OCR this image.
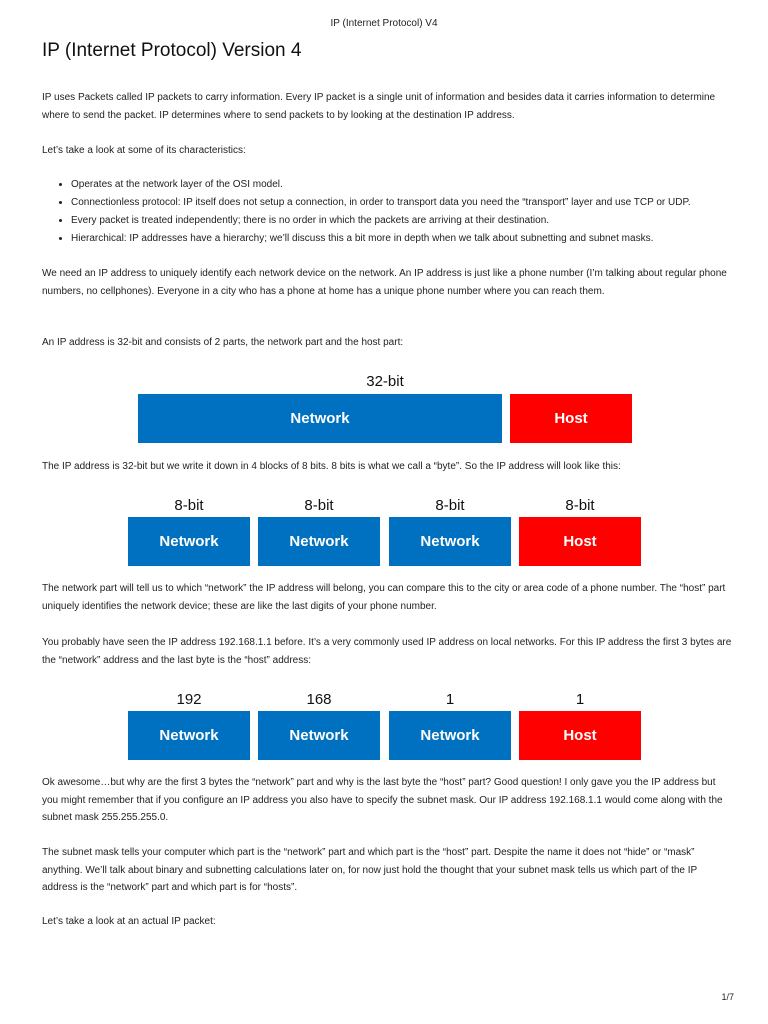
IP (Internet Protocol) V4
IP (Internet Protocol) Version 4

IP uses Packets called IP packets to carry information. Every IP packet is a single unit of information and besides data it carries information to determine where to send the packet. IP determines where to send packets to by looking at the destination IP address.

Let’s take a look at some of its characteristics:

• Operates at the network layer of the OSI model.
• Connectionless protocol: IP itself does not setup a connection, in order to transport data you need the “transport” layer and use TCP or UDP.
• Every packet is treated independently; there is no order in which the packets are arriving at their destination.
• Hierarchical: IP addresses have a hierarchy; we’ll discuss this a bit more in depth when we talk about subnetting and subnet masks.

We need an IP address to uniquely identify each network device on the network. An IP address is just like a phone number (I’m talking about regular phone numbers, no cellphones). Everyone in a city who has a phone at home has a unique phone number where you can reach them.

An IP address is 32-bit and consists of 2 parts, the network part and the host part:

32-bit
Network	Host

The IP address is 32-bit but we write it down in 4 blocks of 8 bits. 8 bits is what we call a “byte”. So the IP address will look like this:

8-bit	8-bit	8-bit	8-bit
Network	Network	Network	Host

The network part will tell us to which “network” the IP address will belong, you can compare this to the city or area code of a phone number. The “host” part uniquely identifies the network device; these are like the last digits of your phone number.

You probably have seen the IP address 192.168.1.1 before. It’s a very commonly used IP address on local networks. For this IP address the first 3 bytes are the “network” address and the last byte is the “host” address:

192	168	1	1
Network	Network	Network	Host

Ok awesome…but why are the first 3 bytes the “network” part and why is the last byte the “host” part? Good question! I only gave you the IP address but you might remember that if you configure an IP address you also have to specify the subnet mask. Our IP address 192.168.1.1 would come along with the subnet mask 255.255.255.0.

The subnet mask tells your computer which part is the “network” part and which part is the “host” part. Despite the name it does not “hide” or “mask” anything. We’ll talk about binary and subnetting calculations later on, for now just hold the thought that your subnet mask tells us which part of the IP address is the “network” part and which part is for “hosts”.

Let’s take a look at an actual IP packet:

1/7
